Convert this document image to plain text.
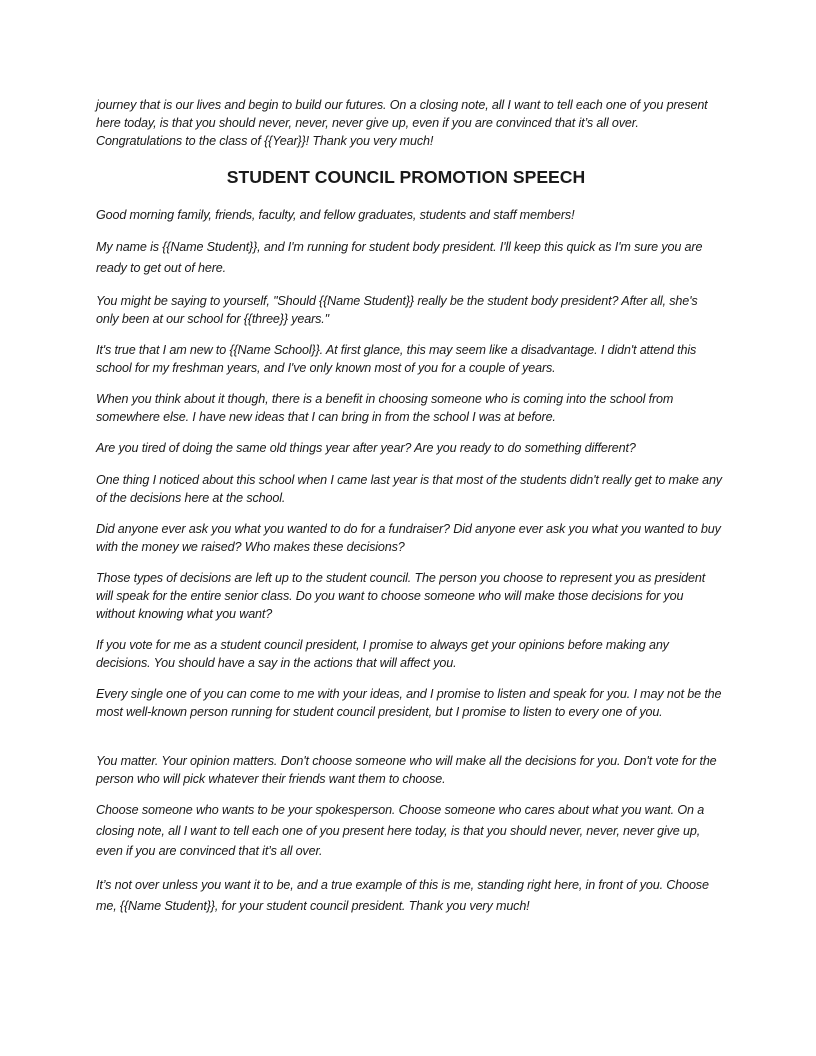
journey that is our lives and begin to build our futures. On a closing note, all I want to tell each one of you present here today, is that you should never, never, never give up, even if you are convinced that it’s all over. Congratulations to the class of {{Year}}! Thank you very much!

STUDENT COUNCIL PROMOTION SPEECH

Good morning family, friends, faculty, and fellow graduates, students and staff members!

My name is {{Name Student}}, and I'm running for student body president. I'll keep this quick as I'm sure you are ready to get out of here.

You might be saying to yourself, "Should {{Name Student}} really be the student body president? After all, she's only been at our school for {{three}} years."

It's true that I am new to {{Name School}}. At first glance, this may seem like a disadvantage. I didn't attend this school for my freshman years, and I've only known most of you for a couple of years.

When you think about it though, there is a benefit in choosing someone who is coming into the school from somewhere else. I have new ideas that I can bring in from the school I was at before.

Are you tired of doing the same old things year after year? Are you ready to do something different?

One thing I noticed about this school when I came last year is that most of the students didn't really get to make any of the decisions here at the school.

Did anyone ever ask you what you wanted to do for a fundraiser? Did anyone ever ask you what you wanted to buy with the money we raised? Who makes these decisions?

Those types of decisions are left up to the student council. The person you choose to represent you as president will speak for the entire senior class. Do you want to choose someone who will make those decisions for you without knowing what you want?

If you vote for me as a student council president, I promise to always get your opinions before making any decisions. You should have a say in the actions that will affect you.

Every single one of you can come to me with your ideas, and I promise to listen and speak for you. I may not be the most well-known person running for student council president, but I promise to listen to every one of you.

You matter. Your opinion matters. Don't choose someone who will make all the decisions for you. Don't vote for the person who will pick whatever their friends want them to choose.

Choose someone who wants to be your spokesperson. Choose someone who cares about what you want. On a closing note, all I want to tell each one of you present here today, is that you should never, never, never give up, even if you are convinced that it’s all over.

It’s not over unless you want it to be, and a true example of this is me, standing right here, in front of you. Choose me, {{Name Student}}, for your student council president. Thank you very much!
